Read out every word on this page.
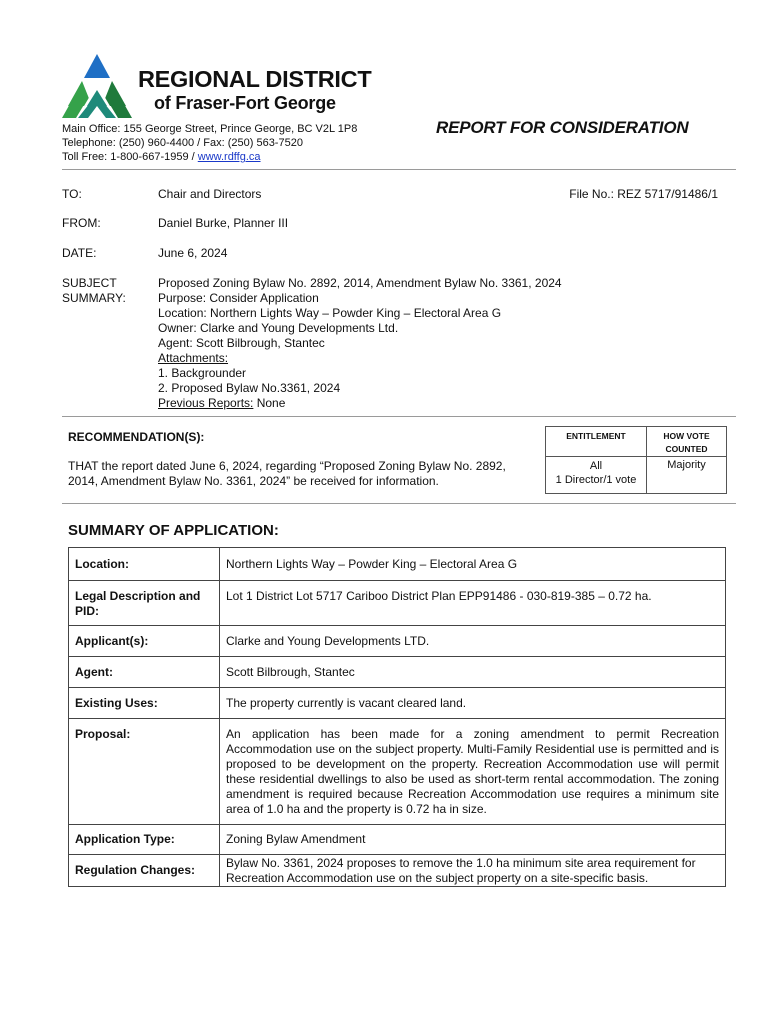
REGIONAL DISTRICT
of Fraser-Fort George
Main Office: 155 George Street, Prince George, BC V2L 1P8
Telephone: (250) 960-4400 / Fax: (250) 563-7520
Toll Free: 1-800-667-1959 / www.rdffg.ca
REPORT FOR CONSIDERATION
TO:	Chair and Directors	File No.: REZ 5717/91486/1
FROM:	Daniel Burke, Planner III
DATE:	June 6, 2024
SUBJECT
SUMMARY:
Proposed Zoning Bylaw No. 2892, 2014, Amendment Bylaw No. 3361, 2024
Purpose: Consider Application
Location: Northern Lights Way – Powder King – Electoral Area G
Owner: Clarke and Young Developments Ltd.
Agent: Scott Bilbrough, Stantec
Attachments:
1. Backgrounder
2. Proposed Bylaw No.3361, 2024
Previous Reports: None
RECOMMENDATION(S):
THAT the report dated June 6, 2024, regarding “Proposed Zoning Bylaw No. 2892, 2014, Amendment Bylaw No. 3361, 2024” be received for information.
ENTITLEMENT	HOW VOTE COUNTED

All
1 Director/1 vote	Majority
SUMMARY OF APPLICATION:
Location:	Northern Lights Way – Powder King – Electoral Area G
Legal Description and PID:	Lot 1 District Lot 5717 Cariboo District Plan EPP91486 - 030-819-385 – 0.72 ha.
Applicant(s):	Clarke and Young Developments LTD.
Agent:	Scott Bilbrough, Stantec
Existing Uses:	The property currently is vacant cleared land.
Proposal:	An application has been made for a zoning amendment to permit Recreation Accommodation use on the subject property. Multi-Family Residential use is permitted and is proposed to be development on the property. Recreation Accommodation use will permit these residential dwellings to also be used as short-term rental accommodation. The zoning amendment is required because Recreation Accommodation use requires a minimum site area of 1.0 ha and the property is 0.72 ha in size.
Application Type:	Zoning Bylaw Amendment
Regulation Changes:	Bylaw No. 3361, 2024 proposes to remove the 1.0 ha minimum site area requirement for Recreation Accommodation use on the subject property on a site-specific basis.
